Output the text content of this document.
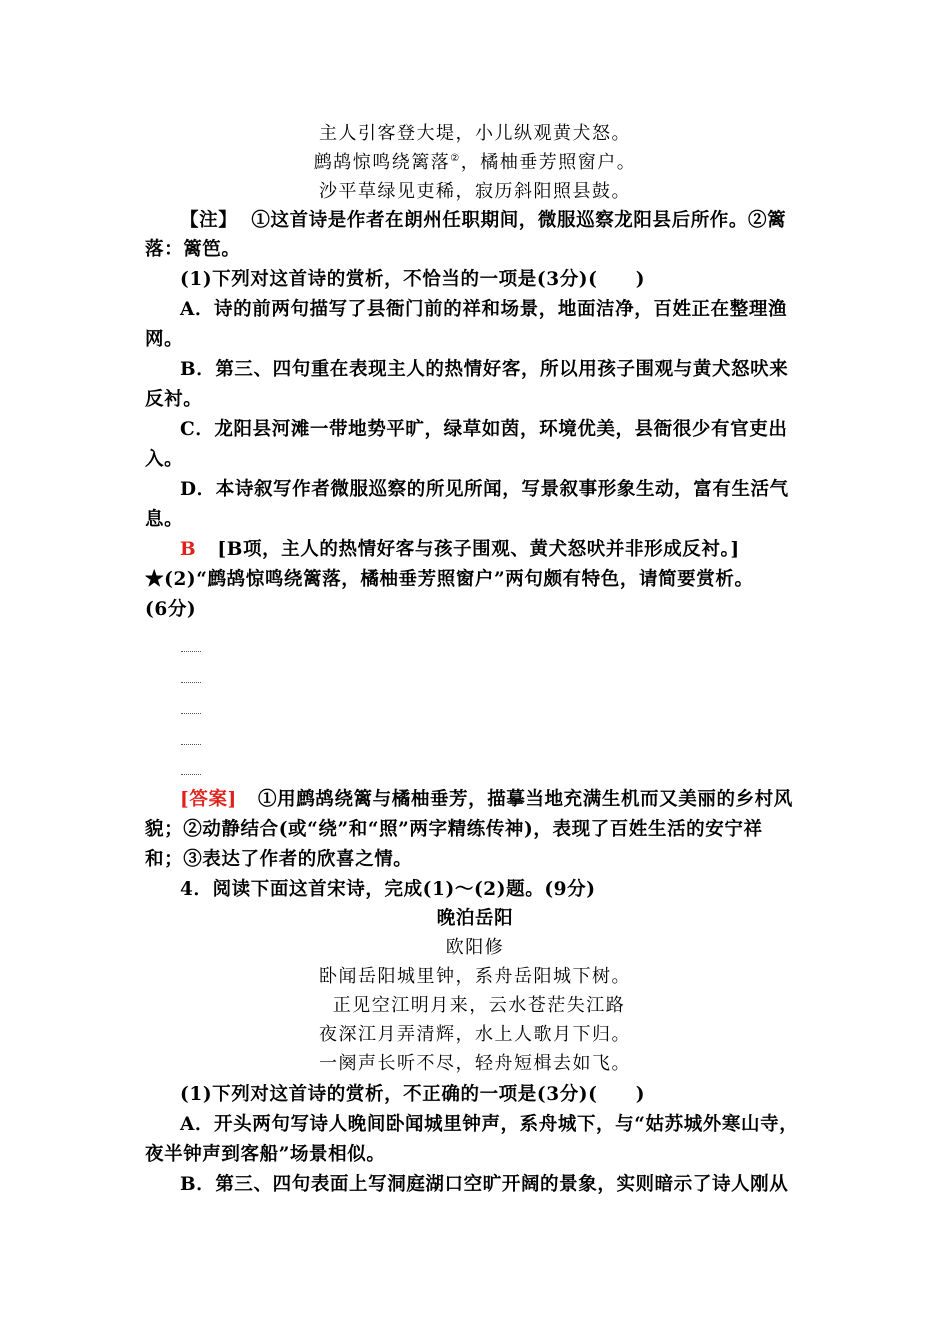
主人引客登大堤，小儿纵观黄犬怒。
鹧鸪惊鸣绕篱落②，橘柚垂芳照窗户。
沙平草绿见吏稀，寂历斜阳照县鼓。
【注】 ①这首诗是作者在朗州任职期间，微服巡察龙阳县后所作。②篱
落：篱笆。
(1)下列对这首诗的赏析，不恰当的一项是(3分)(　　)
A．诗的前两句描写了县衙门前的祥和场景，地面洁净，百姓正在整理渔
网。
B．第三、四句重在表现主人的热情好客，所以用孩子围观与黄犬怒吠来
反衬。
C．龙阳县河滩一带地势平旷，绿草如茵，环境优美，县衙很少有官吏出
入。
D．本诗叙写作者微服巡察的所见所闻，写景叙事形象生动，富有生活气
息。
B [B项，主人的热情好客与孩子围观、黄犬怒吠并非形成反衬。]
★(2)“鹧鸪惊鸣绕篱落，橘柚垂芳照窗户”两句颇有特色，请简要赏析。
(6分)
[答案] ①用鹧鸪绕篱与橘柚垂芳，描摹当地充满生机而又美丽的乡村风
貌；②动静结合(或“绕”和“照”两字精练传神)，表现了百姓生活的安宁祥
和；③表达了作者的欣喜之情。
4．阅读下面这首宋诗，完成(1)～(2)题。(9分)
晚泊岳阳
欧阳修
卧闻岳阳城里钟，系舟岳阳城下树。
正见空江明月来，云水苍茫失江路
夜深江月弄清辉，水上人歌月下归。
一阕声长听不尽，轻舟短楫去如飞。
(1)下列对这首诗的赏析，不正确的一项是(3分)(　　)
A．开头两句写诗人晚间卧闻城里钟声，系舟城下，与“姑苏城外寒山寺，
夜半钟声到客船”场景相似。
B．第三、四句表面上写洞庭湖口空旷开阔的景象，实则暗示了诗人刚从
